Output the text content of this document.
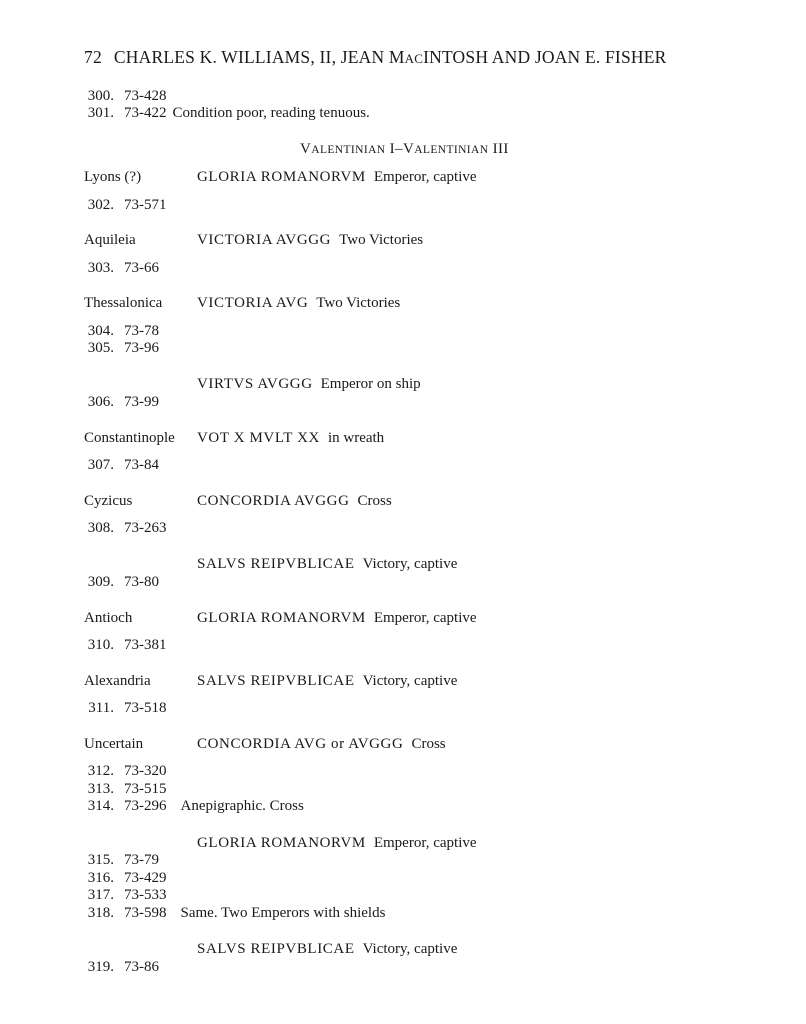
72 CHARLES K. WILLIAMS, II, JEAN MACINTOSH AND JOAN E. FISHER
300. 73-428
301. 73-422 Condition poor, reading tenuous.
VALENTINIAN I–VALENTINIAN III
Lyons (?)	GLORIA ROMANORVM Emperor, captive
302. 73-571
Aquileia	VICTORIA AVGGG Two Victories
303. 73-66
Thessalonica VICTORIA AVG Two Victories
304. 73-78
305. 73-96
VIRTVS AVGGG Emperor on ship
306. 73-99
Constantinople VOT X MVLT XX in wreath
307. 73-84
Cyzicus	CONCORDIA AVGGG Cross
308. 73-263
SALVS REIPVBLICAE Victory, captive
309. 73-80
Antioch	GLORIA ROMANORVM Emperor, captive
310. 73-381
Alexandria	SALVS REIPVBLICAE Victory, captive
311. 73-518
Uncertain	CONCORDIA AVG or AVGGG Cross
312. 73-320
313. 73-515
314. 73-296 Anepigraphic. Cross
GLORIA ROMANORVM Emperor, captive
315. 73-79
316. 73-429
317. 73-533
318. 73-598 Same. Two Emperors with shields
SALVS REIPVBLICAE Victory, captive
319. 73-86
